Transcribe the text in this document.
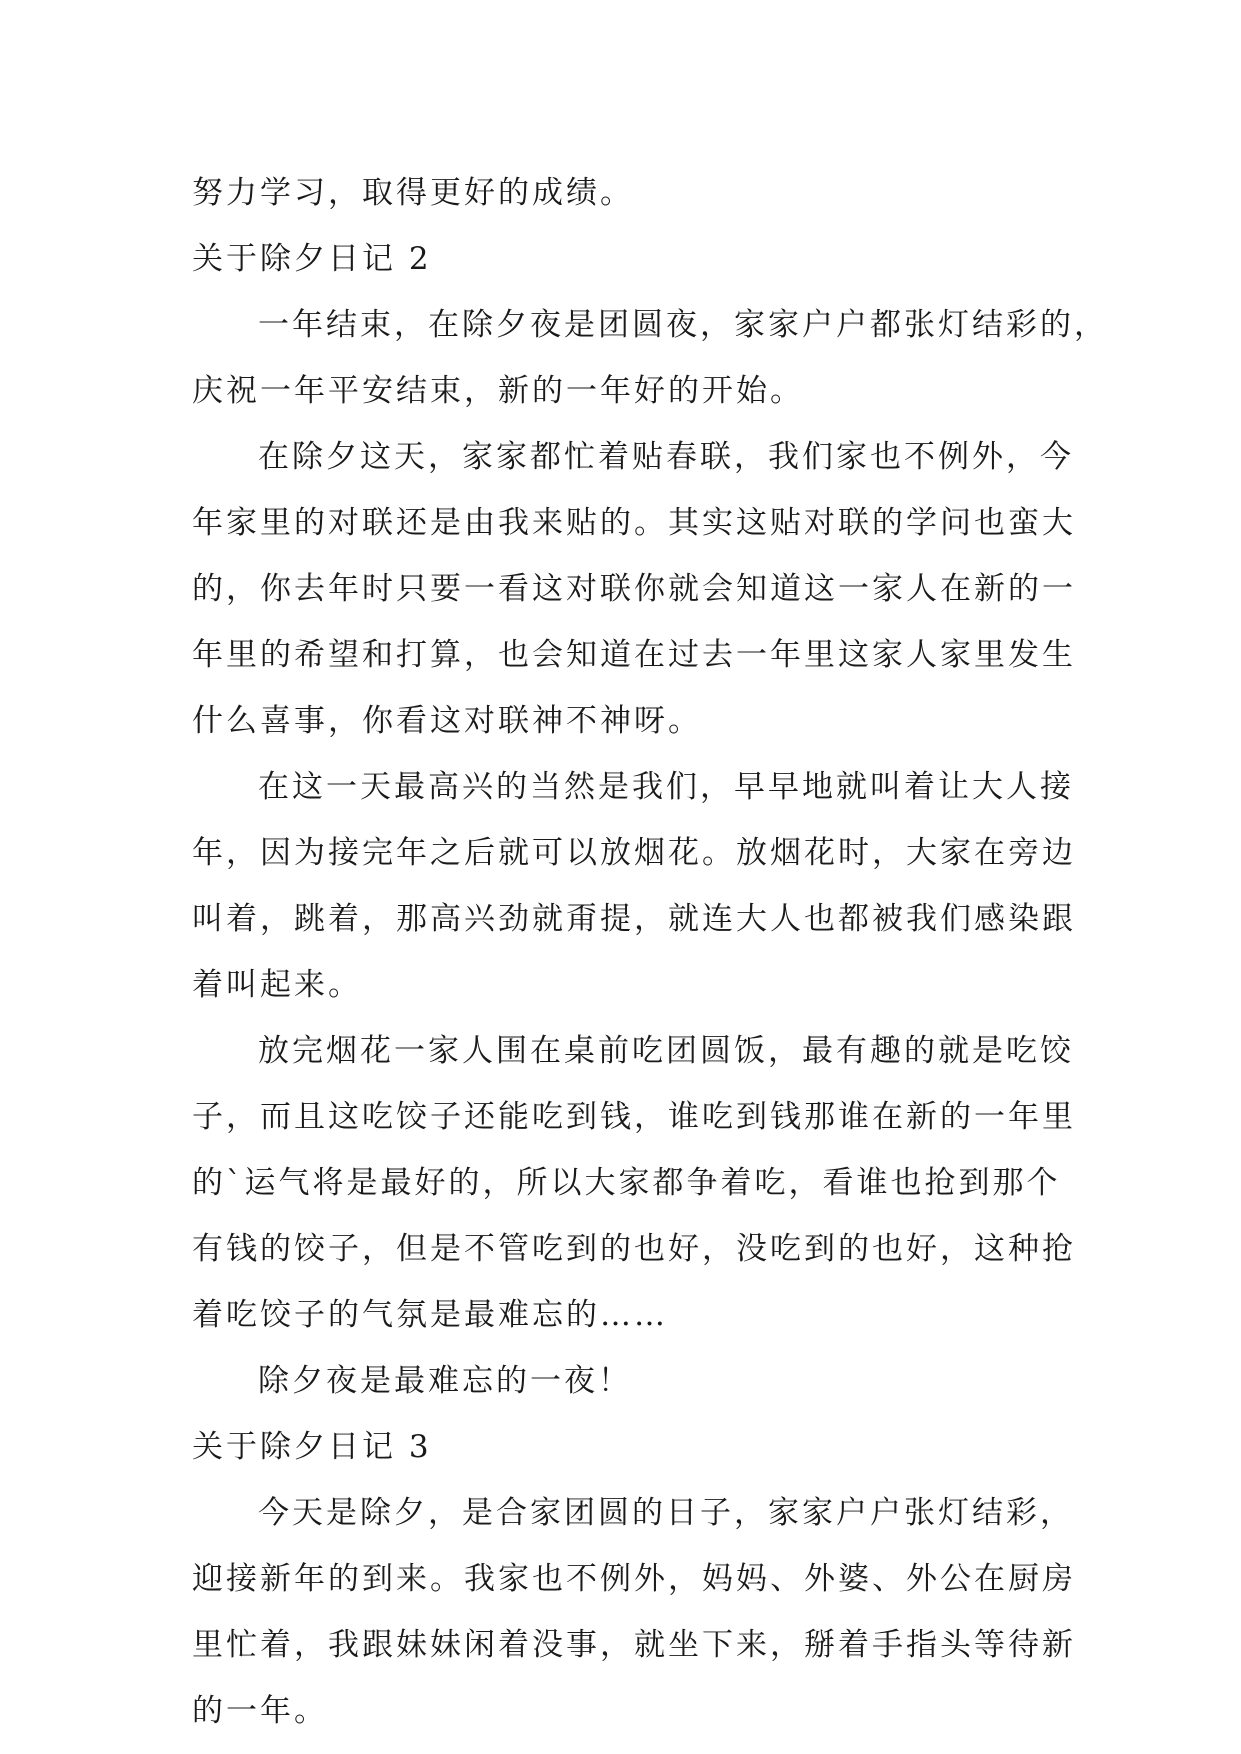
努力学习，取得更好的成绩。
关于除夕日记 2
一年结束，在除夕夜是团圆夜，家家户户都张灯结彩的，
庆祝一年平安结束，新的一年好的开始。
在除夕这天，家家都忙着贴春联，我们家也不例外，今
年家里的对联还是由我来贴的。其实这贴对联的学问也蛮大
的，你去年时只要一看这对联你就会知道这一家人在新的一
年里的希望和打算，也会知道在过去一年里这家人家里发生
什么喜事，你看这对联神不神呀。
在这一天最高兴的当然是我们，早早地就叫着让大人接
年，因为接完年之后就可以放烟花。放烟花时，大家在旁边
叫着，跳着，那高兴劲就甭提，就连大人也都被我们感染跟
着叫起来。
放完烟花一家人围在桌前吃团圆饭，最有趣的就是吃饺
子，而且这吃饺子还能吃到钱，谁吃到钱那谁在新的一年里
的`运气将是最好的，所以大家都争着吃，看谁也抢到那个
有钱的饺子，但是不管吃到的也好，没吃到的也好，这种抢
着吃饺子的气氛是最难忘的……
除夕夜是最难忘的一夜！
关于除夕日记 3
今天是除夕，是合家团圆的日子，家家户户张灯结彩，
迎接新年的到来。我家也不例外，妈妈、外婆、外公在厨房
里忙着，我跟妹妹闲着没事，就坐下来，掰着手指头等待新
的一年。
